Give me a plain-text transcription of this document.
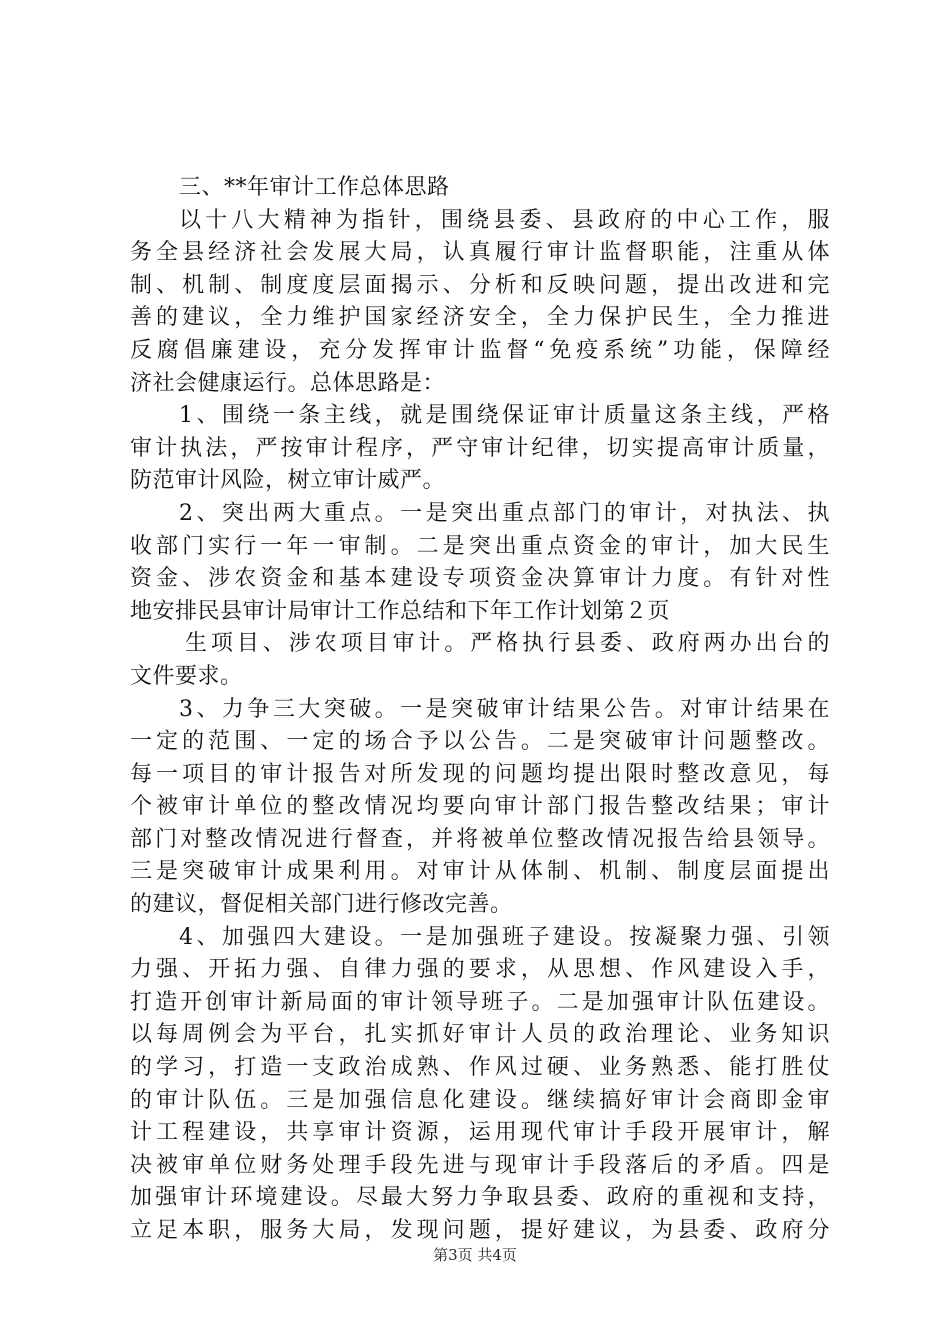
三、**年审计工作总体思路
以十八大精神为指针，围绕县委、县政府的中心工作，服
务全县经济社会发展大局，认真履行审计监督职能，注重从体
制、机制、制度度层面揭示、分析和反映问题，提出改进和完
善的建议，全力维护国家经济安全，全力保护民生，全力推进
反腐倡廉建设，充分发挥审计监督“免疫系统”功能，保障经
济社会健康运行。总体思路是：
1、围绕一条主线，就是围绕保证审计质量这条主线，严格
审计执法，严按审计程序，严守审计纪律，切实提高审计质量，
防范审计风险，树立审计威严。
2、突出两大重点。一是突出重点部门的审计，对执法、执
收部门实行一年一审制。二是突出重点资金的审计，加大民生
资金、涉农资金和基本建设专项资金决算审计力度。有针对性
地安排民县审计局审计工作总结和下年工作计划第２页
生项目、涉农项目审计。严格执行县委、政府两办出台的
文件要求。
3、力争三大突破。一是突破审计结果公告。对审计结果在
一定的范围、一定的场合予以公告。二是突破审计问题整改。
每一项目的审计报告对所发现的问题均提出限时整改意见，每
个被审计单位的整改情况均要向审计部门报告整改结果；审计
部门对整改情况进行督查，并将被单位整改情况报告给县领导。
三是突破审计成果利用。对审计从体制、机制、制度层面提出
的建议，督促相关部门进行修改完善。
4、加强四大建设。一是加强班子建设。按凝聚力强、引领
力强、开拓力强、自律力强的要求，从思想、作风建设入手，
打造开创审计新局面的审计领导班子。二是加强审计队伍建设。
以每周例会为平台，扎实抓好审计人员的政治理论、业务知识
的学习，打造一支政治成熟、作风过硬、业务熟悉、能打胜仗
的审计队伍。三是加强信息化建设。继续搞好审计会商即金审
计工程建设，共享审计资源，运用现代审计手段开展审计，解
决被审单位财务处理手段先进与现审计手段落后的矛盾。四是
加强审计环境建设。尽最大努力争取县委、政府的重视和支持，
立足本职，服务大局，发现问题，提好建议，为县委、政府分
第3页 共4页
